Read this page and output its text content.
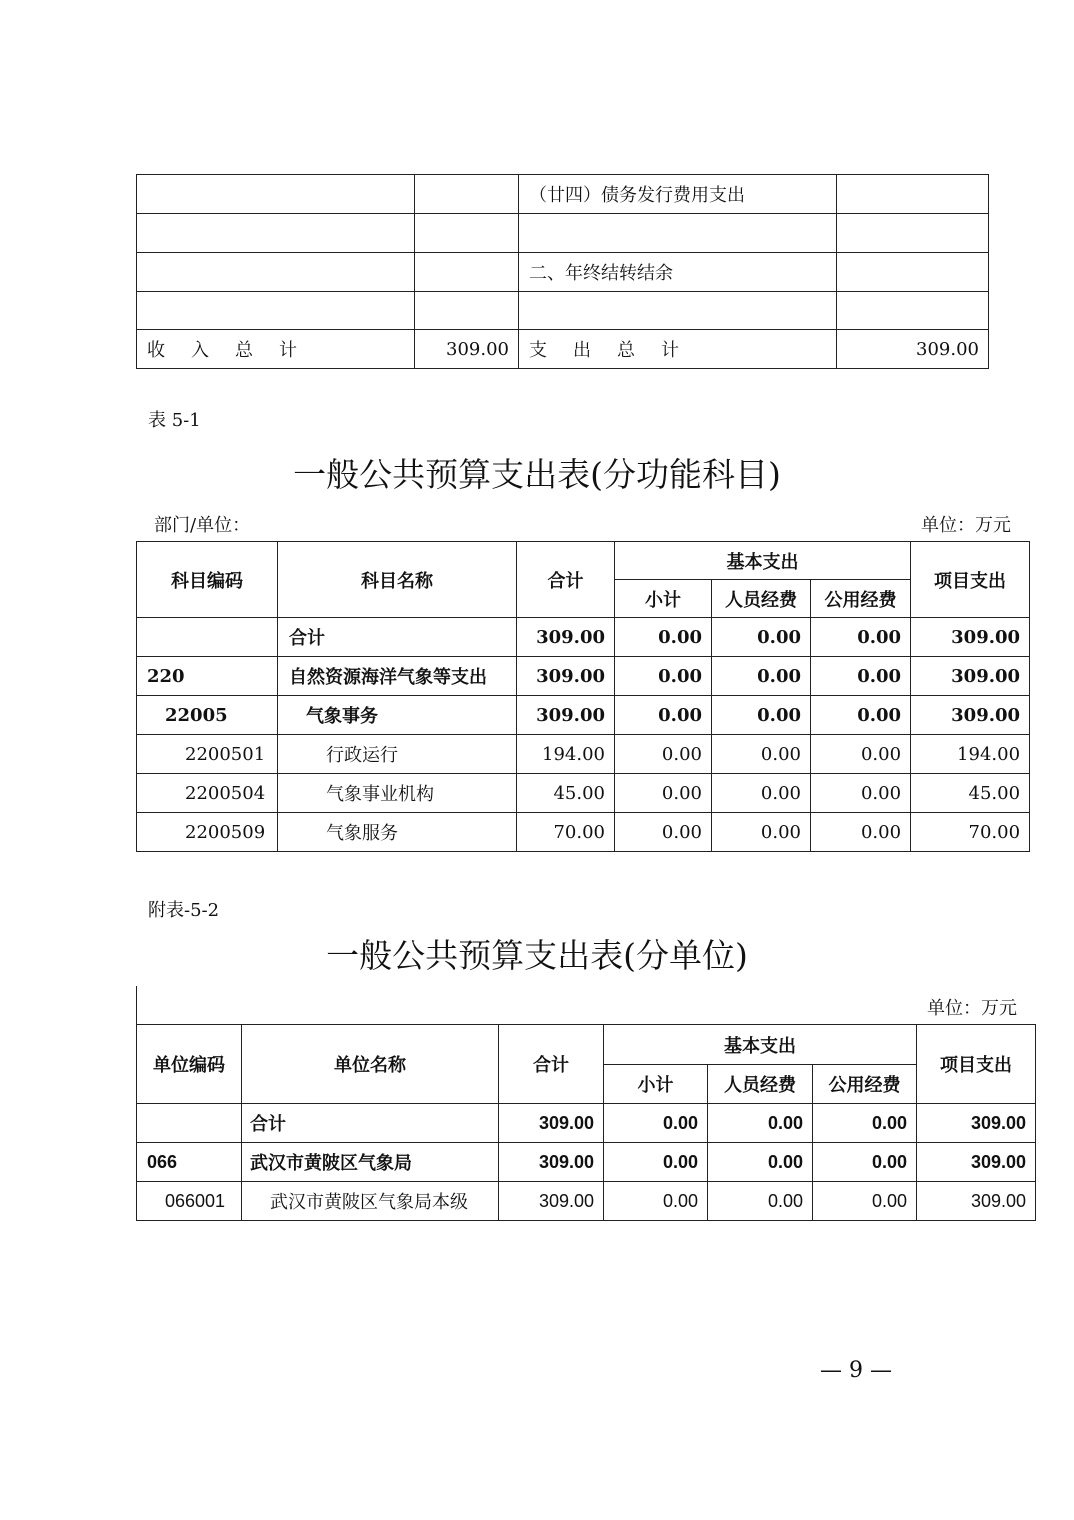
		（廿四）债务发行费用支出	

		二、年终结转结余	

收入总计	309.00	支出总计	309.00
表 5-1
一般公共预算支出表(分功能科目)
部门/单位：	单位：万元
科目编码	科目名称	合计	基本支出			项目支出
			小计	人员经费	公用经费	
	合计	309.00	0.00	0.00	0.00	309.00
220	自然资源海洋气象等支出	309.00	0.00	0.00	0.00	309.00
22005	气象事务	309.00	0.00	0.00	0.00	309.00
2200501	行政运行	194.00	0.00	0.00	0.00	194.00
2200504	气象事业机构	45.00	0.00	0.00	0.00	45.00
2200509	气象服务	70.00	0.00	0.00	0.00	70.00
附表-5-2
一般公共预算支出表(分单位)
单位：万元
单位编码	单位名称	合计	基本支出			项目支出
			小计	人员经费	公用经费	
	合计	309.00	0.00	0.00	0.00	309.00
066	武汉市黄陂区气象局	309.00	0.00	0.00	0.00	309.00
066001	武汉市黄陂区气象局本级	309.00	0.00	0.00	0.00	309.00
— 9 —
